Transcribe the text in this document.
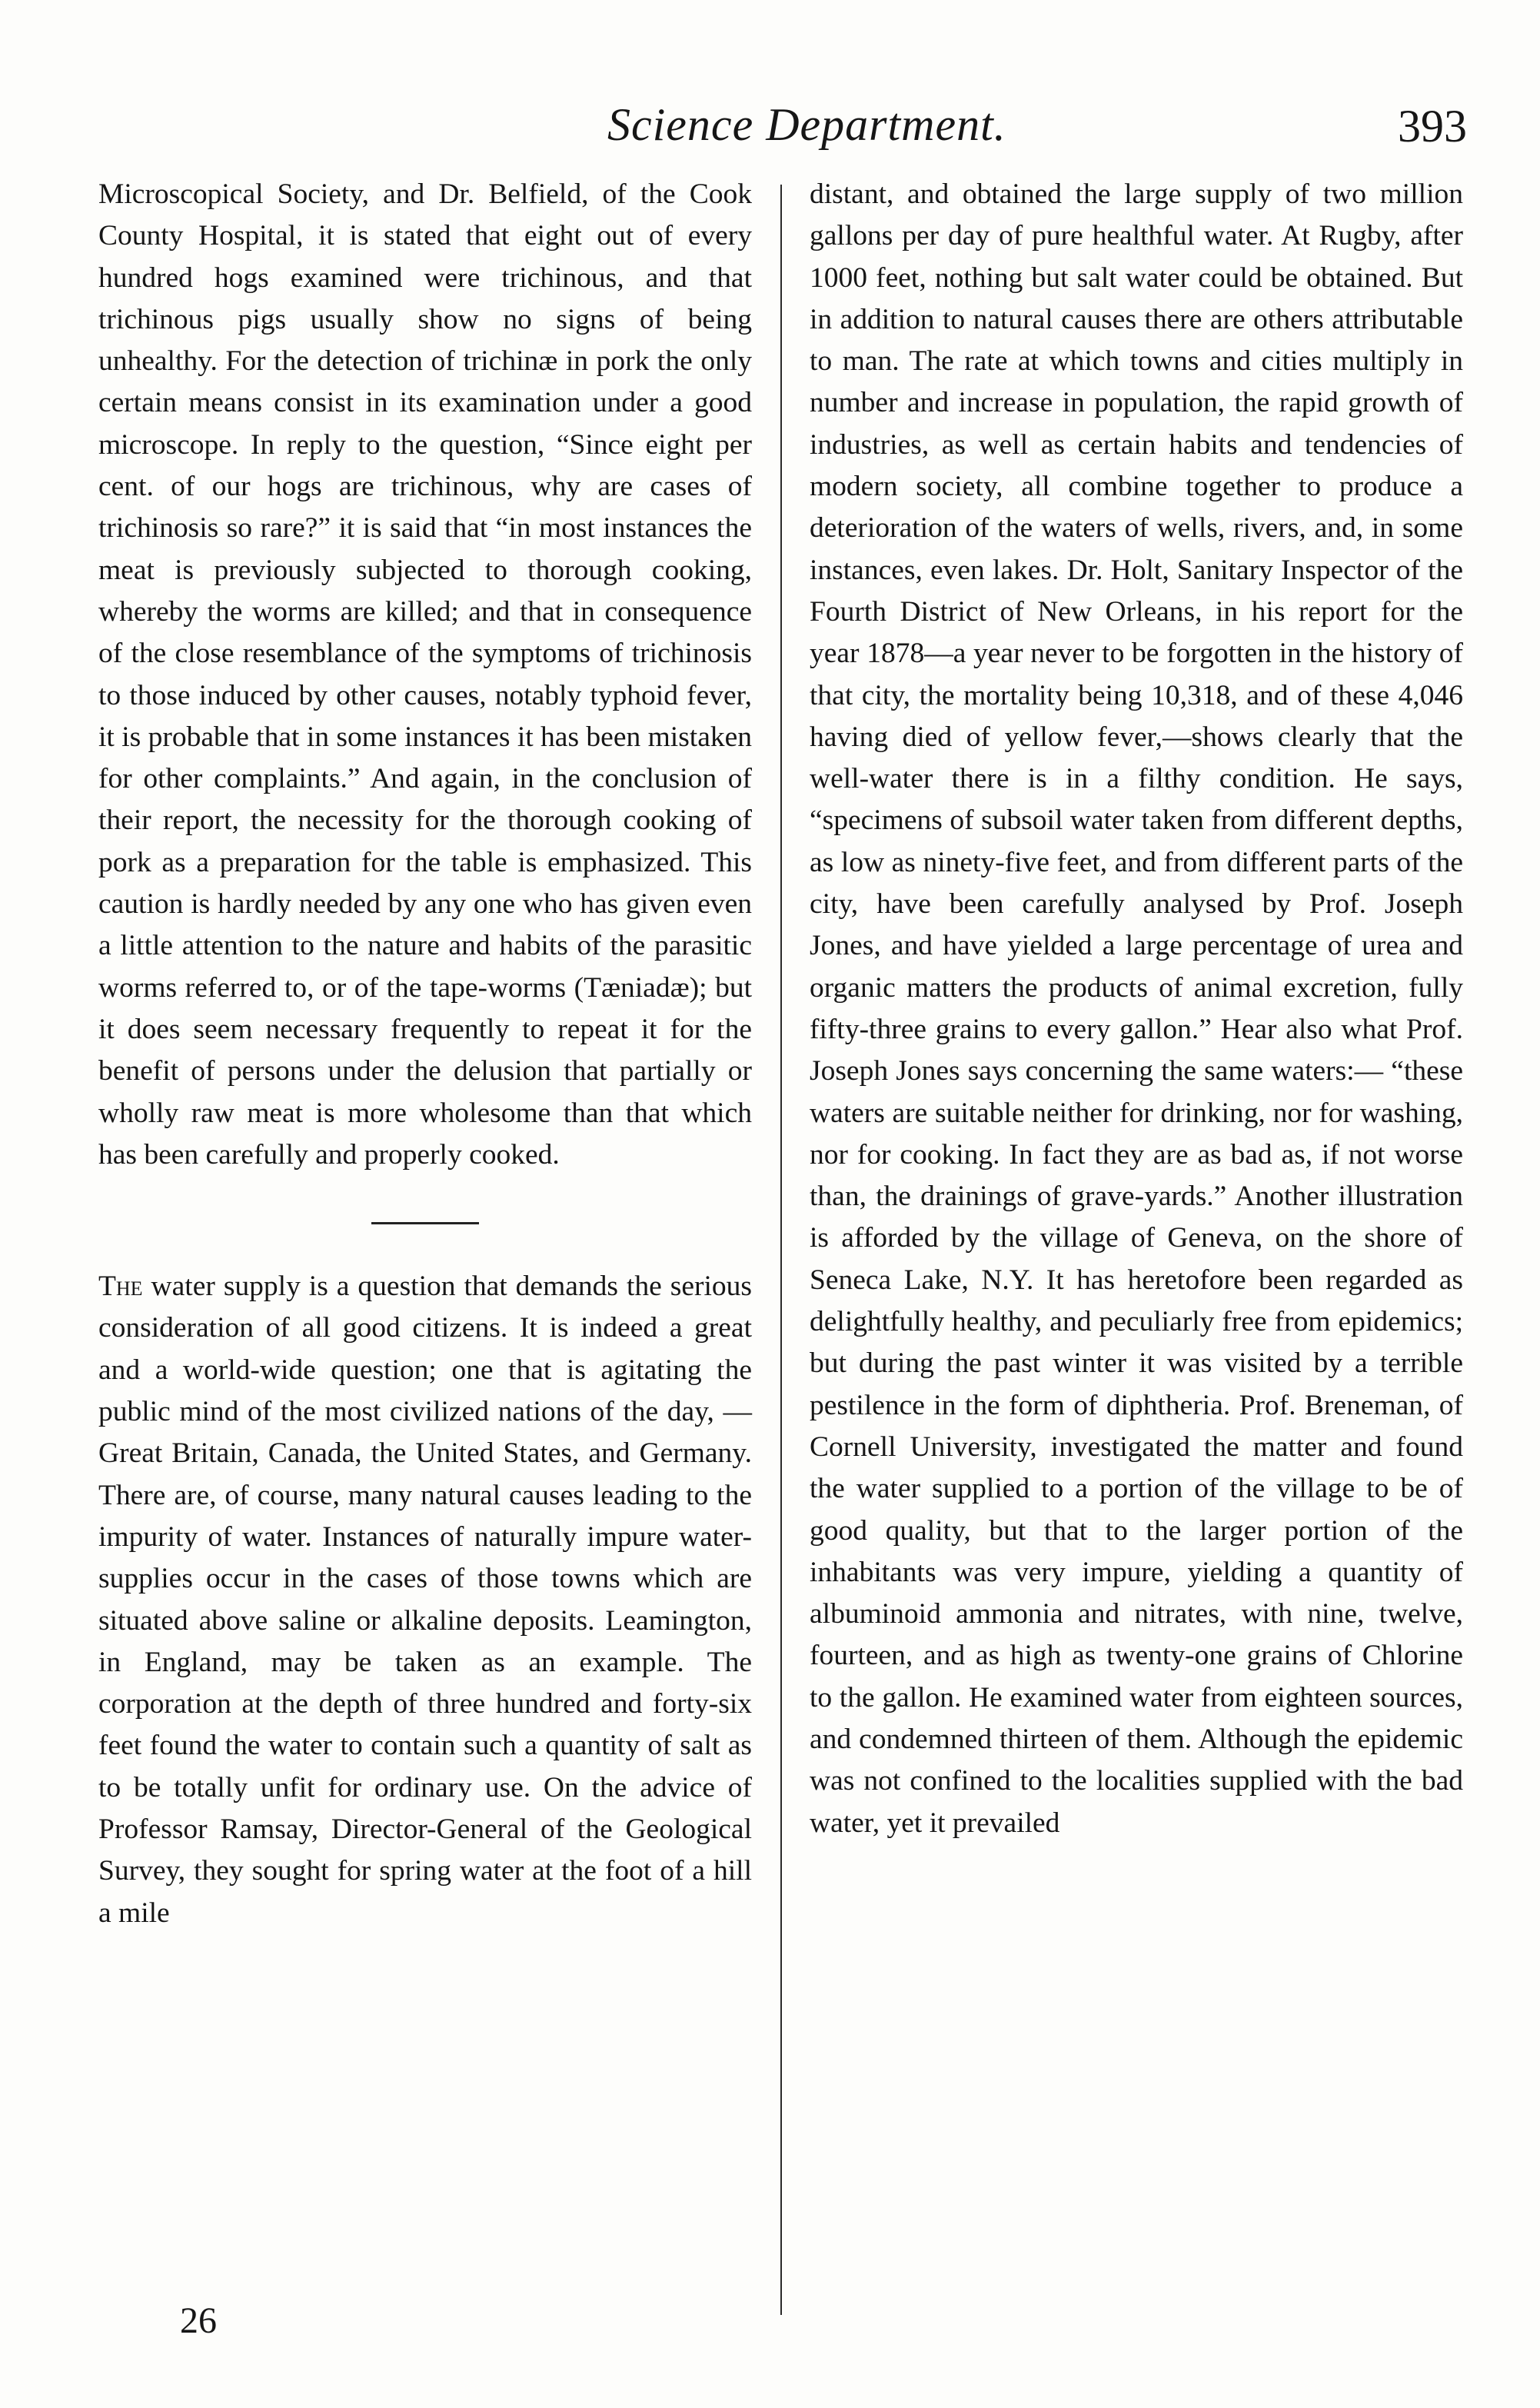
Science Department.	393

Microscopical Society, and Dr. Belfield, of the Cook County Hospital, it is stated that eight out of every hundred hogs examined were trichinous, and that trichinous pigs usually show no signs of being unhealthy. For the detection of trichinæ in pork the only certain means consist in its examination under a good microscope. In reply to the question, “Since eight per cent. of our hogs are trichinous, why are cases of trichinosis so rare?” it is said that “in most instances the meat is previously subjected to thorough cooking, whereby the worms are killed; and that in consequence of the close resemblance of the symptoms of trichinosis to those induced by other causes, notably typhoid fever, it is probable that in some instances it has been mistaken for other complaints.” And again, in the conclusion of their report, the necessity for the thorough cooking of pork as a preparation for the table is emphasized. This caution is hardly needed by any one who has given even a little attention to the nature and habits of the parasitic worms referred to, or of the tape-worms (Tæniadæ); but it does seem necessary frequently to repeat it for the benefit of persons under the delusion that partially or wholly raw meat is more wholesome than that which has been carefully and properly cooked.

The water supply is a question that demands the serious consideration of all good citizens. It is indeed a great and a world-wide question; one that is agitating the public mind of the most civilized nations of the day, —Great Britain, Canada, the United States, and Germany. There are, of course, many natural causes leading to the impurity of water. Instances of naturally impure water-supplies occur in the cases of those towns which are situated above saline or alkaline deposits. Leamington, in England, may be taken as an example. The corporation at the depth of three hundred and forty-six feet found the water to contain such a quantity of salt as to be totally unfit for ordinary use. On the advice of Professor Ramsay, Director-General of the Geological Survey, they sought for spring water at the foot of a hill a mile

distant, and obtained the large supply of two million gallons per day of pure healthful water. At Rugby, after 1000 feet, nothing but salt water could be obtained. But in addition to natural causes there are others attributable to man. The rate at which towns and cities multiply in number and increase in population, the rapid growth of industries, as well as certain habits and tendencies of modern society, all combine together to produce a deterioration of the waters of wells, rivers, and, in some instances, even lakes. Dr. Holt, Sanitary Inspector of the Fourth District of New Orleans, in his report for the year 1878—a year never to be forgotten in the history of that city, the mortality being 10,318, and of these 4,046 having died of yellow fever,—shows clearly that the well-water there is in a filthy condition. He says, “specimens of subsoil water taken from different depths, as low as ninety-five feet, and from different parts of the city, have been carefully analysed by Prof. Joseph Jones, and have yielded a large percentage of urea and organic matters the products of animal excretion, fully fifty-three grains to every gallon.” Hear also what Prof. Joseph Jones says concerning the same waters:— “these waters are suitable neither for drinking, nor for washing, nor for cooking. In fact they are as bad as, if not worse than, the drainings of grave-yards.” Another illustration is afforded by the village of Geneva, on the shore of Seneca Lake, N.Y. It has heretofore been regarded as delightfully healthy, and peculiarly free from epidemics; but during the past winter it was visited by a terrible pestilence in the form of diphtheria. Prof. Breneman, of Cornell University, investigated the matter and found the water supplied to a portion of the village to be of good quality, but that to the larger portion of the inhabitants was very impure, yielding a quantity of albuminoid ammonia and nitrates, with nine, twelve, fourteen, and as high as twenty-one grains of Chlorine to the gallon. He examined water from eighteen sources, and condemned thirteen of them. Although the epidemic was not confined to the localities supplied with the bad water, yet it prevailed

26
